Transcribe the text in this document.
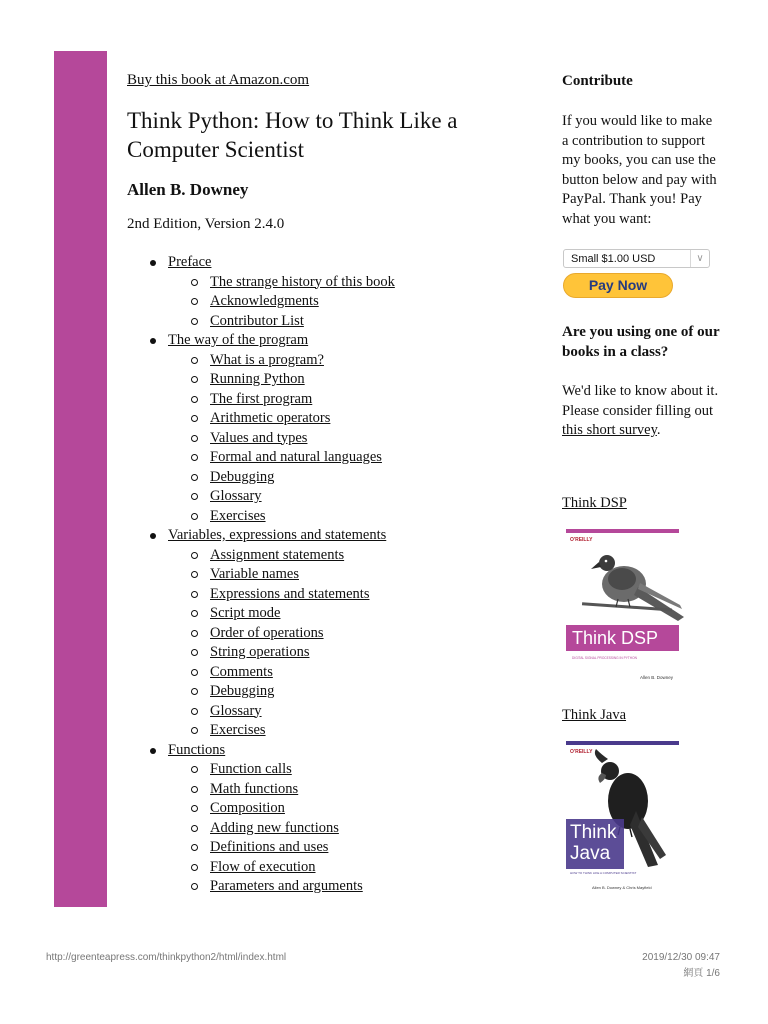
Buy this book at Amazon.com
Think Python: How to Think Like a Computer Scientist
Allen B. Downey
2nd Edition, Version 2.4.0
Preface
The strange history of this book
Acknowledgments
Contributor List
The way of the program
What is a program?
Running Python
The first program
Arithmetic operators
Values and types
Formal and natural languages
Debugging
Glossary
Exercises
Variables, expressions and statements
Assignment statements
Variable names
Expressions and statements
Script mode
Order of operations
String operations
Comments
Debugging
Glossary
Exercises
Functions
Function calls
Math functions
Composition
Adding new functions
Definitions and uses
Flow of execution
Parameters and arguments
Contribute
If you would like to make a contribution to support my books, you can use the button below and pay with PayPal. Thank you! Pay what you want:
Small $1.00 USD	∨
Pay Now
Are you using one of our books in a class?
We'd like to know about it. Please consider filling out this short survey.
Think DSP
O'REILLY
Think DSP
DIGITAL SIGNAL PROCESSING IN PYTHON
Allen B. Downey
Think Java
O'REILLY
Think
Java
HOW TO THINK LIKE A COMPUTER SCIENTIST
Allen B. Downey & Chris Mayfield
http://greenteapress.com/thinkpython2/html/index.html	2019/12/30 09:47
網頁 1/6
